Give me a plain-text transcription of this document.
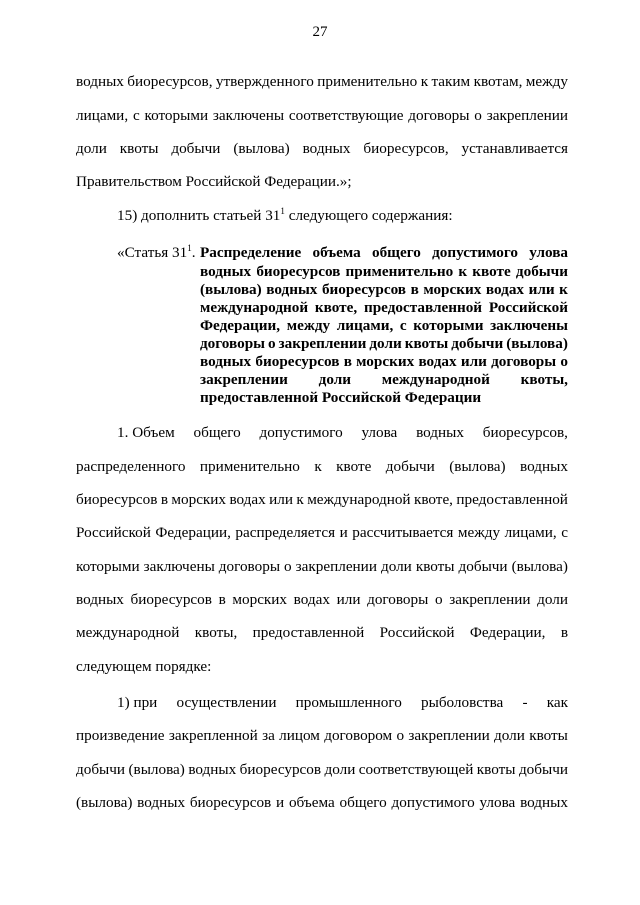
27
водных биоресурсов, утвержденного применительно к таким квотам, между
лицами, с которыми заключены соответствующие договоры о закреплении
доли квоты добычи (вылова) водных биоресурсов, устанавливается
Правительством Российской Федерации.»;
15) дополнить статьей $31^1$ следующего содержания:
«Статья $31^1$. Распределение объема общего допустимого улова
водных биоресурсов применительно к квоте добычи
(вылова) водных биоресурсов в морских водах или к
международной квоте, предоставленной Российской
Федерации, между лицами, с которыми заключены
договоры о закреплении доли квоты добычи (вылова)
водных биоресурсов в морских водах или договоры о
закреплении доли международной квоты,
предоставленной Российской Федерации
1. Объем общего допустимого улова водных биоресурсов,
распределенного применительно к квоте добычи (вылова) водных
биоресурсов в морских водах или к международной квоте, предоставленной
Российской Федерации, распределяется и рассчитывается между лицами, с
которыми заключены договоры о закреплении доли квоты добычи (вылова)
водных биоресурсов в морских водах или договоры о закреплении доли
международной квоты, предоставленной Российской Федерации, в
следующем порядке:
1) при осуществлении промышленного рыболовства - как
произведение закрепленной за лицом договором о закреплении доли квоты
добычи (вылова) водных биоресурсов доли соответствующей квоты добычи
(вылова) водных биоресурсов и объема общего допустимого улова водных
